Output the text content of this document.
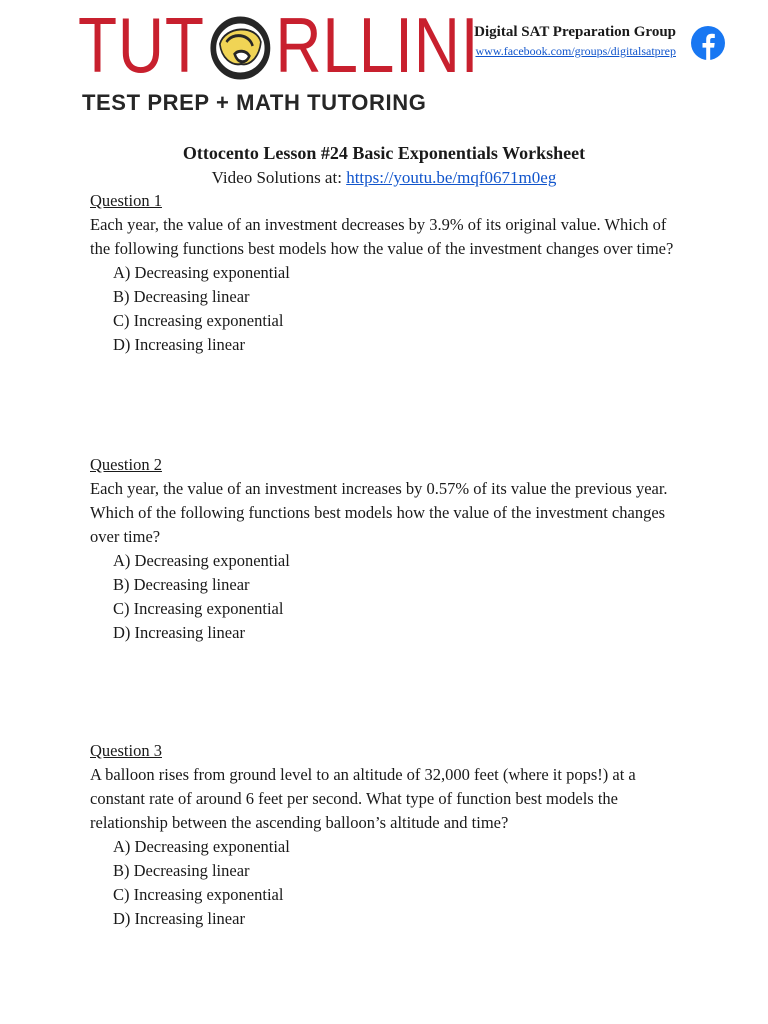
TUT RLLINI
TEST PREP + MATH TUTORING
Digital SAT Preparation Group
www.facebook.com/groups/digitalsatprep
Ottocento Lesson #24 Basic Exponentials Worksheet
Video Solutions at: https://youtu.be/mqf0671m0eg
Question 1

Each year, the value of an investment decreases by 3.9% of its original value. Which of the following functions best models how the value of the investment changes over time?

A) Decreasing exponential
B) Decreasing linear
C) Increasing exponential
D) Increasing linear
Question 2

Each year, the value of an investment increases by 0.57% of its value the previous year. Which of the following functions best models how the value of the investment changes over time?

A) Decreasing exponential
B) Decreasing linear
C) Increasing exponential
D) Increasing linear
Question 3

A balloon rises from ground level to an altitude of 32,000 feet (where it pops!) at a constant rate of around 6 feet per second. What type of function best models the relationship between the ascending balloon’s altitude and time?

A) Decreasing exponential
B) Decreasing linear
C) Increasing exponential
D) Increasing linear
